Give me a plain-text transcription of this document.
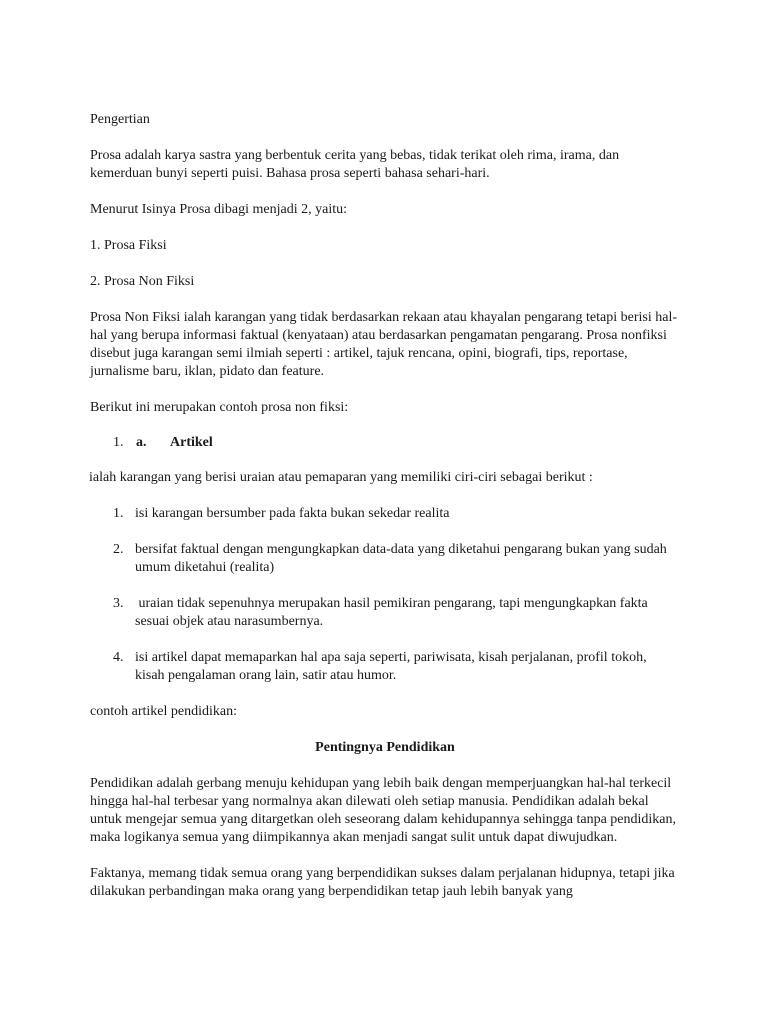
Pengertian

Prosa adalah karya sastra yang berbentuk cerita yang bebas, tidak terikat oleh rima, irama, dan kemerduan bunyi seperti puisi. Bahasa prosa seperti bahasa sehari-hari.

Menurut Isinya Prosa dibagi menjadi 2, yaitu:

1. Prosa Fiksi

2. Prosa Non Fiksi

Prosa Non Fiksi ialah karangan yang tidak berdasarkan rekaan atau khayalan pengarang tetapi berisi hal-hal yang berupa informasi faktual (kenyataan) atau berdasarkan pengamatan pengarang. Prosa nonfiksi disebut juga karangan semi ilmiah seperti : artikel, tajuk rencana, opini, biografi, tips, reportase, jurnalisme baru, iklan, pidato dan feature.

Berikut ini merupakan contoh prosa non fiksi:

1. a.	Artikel

ialah karangan yang berisi uraian atau pemaparan yang memiliki ciri-ciri sebagai berikut :

1. isi karangan bersumber pada fakta bukan sekedar realita
2. bersifat faktual dengan mengungkapkan data-data yang diketahui pengarang bukan yang sudah umum diketahui (realita)
3. uraian tidak sepenuhnya merupakan hasil pemikiran pengarang, tapi mengungkapkan fakta sesuai objek atau narasumbernya.
4. isi artikel dapat memaparkan hal apa saja seperti, pariwisata, kisah perjalanan, profil tokoh, kisah pengalaman orang lain, satir atau humor.

contoh artikel pendidikan:

Pentingnya Pendidikan

Pendidikan adalah gerbang menuju kehidupan yang lebih baik dengan memperjuangkan hal-hal terkecil hingga hal-hal terbesar yang normalnya akan dilewati oleh setiap manusia. Pendidikan adalah bekal untuk mengejar semua yang ditargetkan oleh seseorang dalam kehidupannya sehingga tanpa pendidikan, maka logikanya semua yang diimpikannya akan menjadi sangat sulit untuk dapat diwujudkan.

Faktanya, memang tidak semua orang yang berpendidikan sukses dalam perjalanan hidupnya, tetapi jika dilakukan perbandingan maka orang yang berpendidikan tetap jauh lebih banyak yang
